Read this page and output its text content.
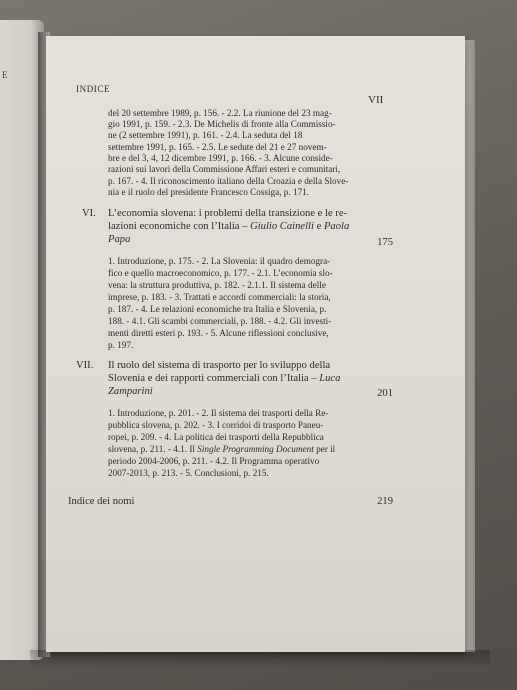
E
INDICE
VII
del 20 settembre 1989, p. 156. - 2.2. La riunione del 23 mag-
gio 1991, p. 159. - 2.3. De Michelis di fronte alla Commissio-
ne (2 settembre 1991), p. 161. - 2.4. La seduta del 18
settembre 1991, p. 165. - 2.5. Le sedute del 21 e 27 novem-
bre e del 3, 4, 12 dicembre 1991, p. 166. - 3. Alcune conside-
razioni sui lavori della Commissione Affari esteri e comunitari,
p. 167. - 4. Il riconoscimento italiano della Croazia e della Slove-
nia e il ruolo del presidente Francesco Cossiga, p. 171.
VI. L’economia slovena: i problemi della transizione e le re-
lazioni economiche con l’Italia – Giulio Cainelli e Paola
Papa	175
1. Introduzione, p. 175. - 2. La Slovenia: il quadro demogra-
fico e quello macroeconomico, p. 177. - 2.1. L’economia slo-
vena: la struttura produttiva, p. 182. - 2.1.1. Il sistema delle
imprese, p. 183. - 3. Trattati e accordi commerciali: la storia,
p. 187. - 4. Le relazioni economiche tra Italia e Slovenia, p.
188. - 4.1. Gli scambi commerciali, p. 188. - 4.2. Gli investi-
menti diretti esteri p. 193. - 5. Alcune riflessioni conclusive,
p. 197.
VII. Il ruolo del sistema di trasporto per lo sviluppo della
Slovenia e dei rapporti commerciali con l’Italia – Luca
Zamparini	201
1. Introduzione, p. 201. - 2. Il sistema dei trasporti della Re-
pubblica slovena, p. 202. - 3. I corridoi di trasporto Paneu-
ropei, p. 209. - 4. La politica dei trasporti della Repubblica
slovena, p. 211. - 4.1. Il Single Programming Document per il
periodo 2004-2006, p. 211. - 4.2. Il Programma operativo
2007-2013, p. 213. - 5. Conclusioni, p. 215.
Indice dei nomi	219
